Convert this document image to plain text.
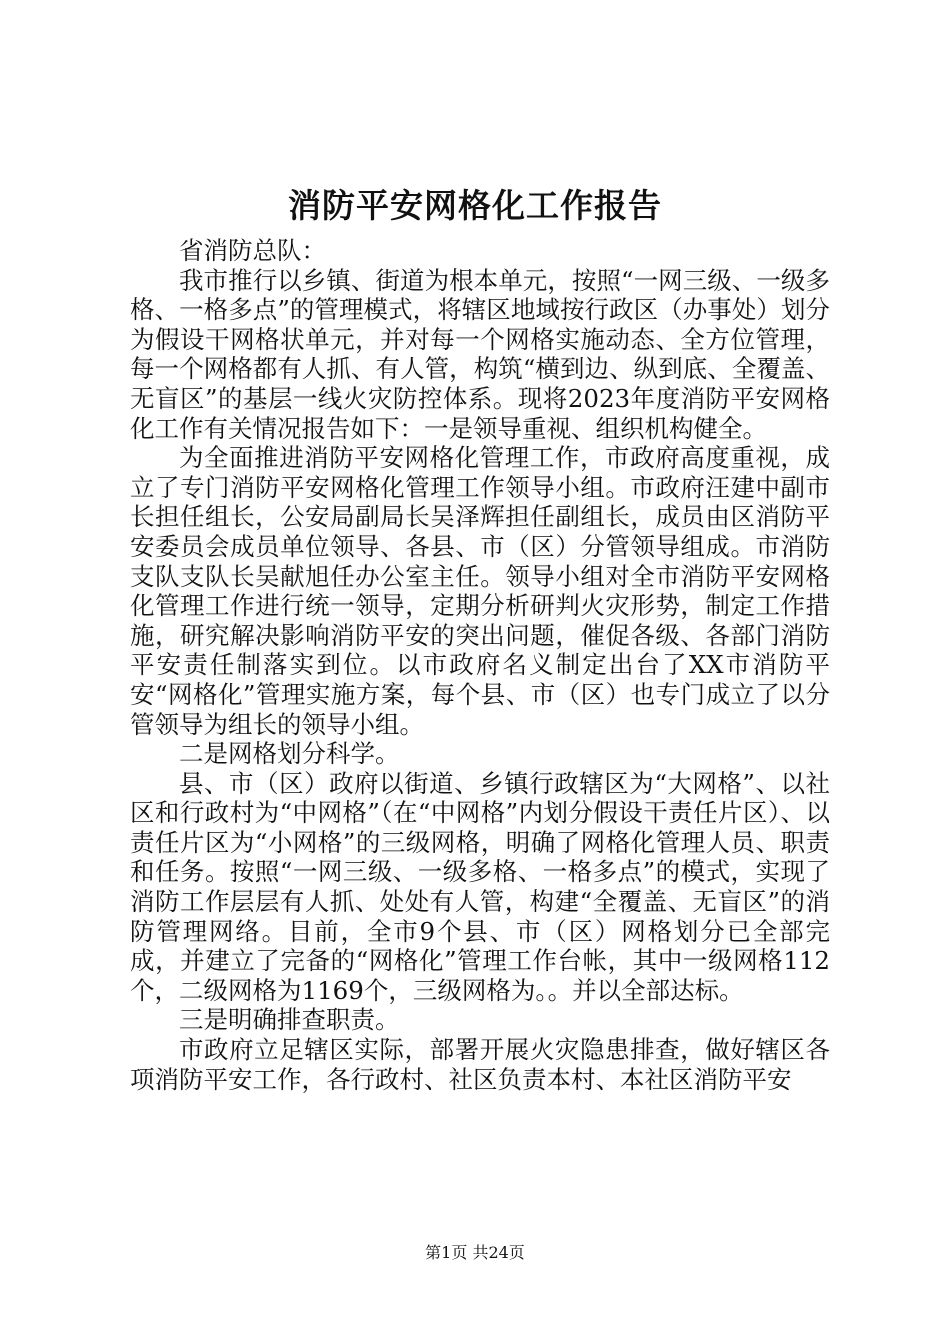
消防平安网格化工作报告

省消防总队：

我市推行以乡镇、街道为根本单元，按照“一网三级、一级多格、一格多点”的管理模式，将辖区地域按行政区（办事处）划分为假设干网格状单元，并对每一个网格实施动态、全方位管理，每一个网格都有人抓、有人管，构筑“横到边、纵到底、全覆盖、无盲区”的基层一线火灾防控体系。现将2023年度消防平安网格化工作有关情况报告如下：一是领导重视、组织机构健全。

为全面推进消防平安网格化管理工作，市政府高度重视，成立了专门消防平安网格化管理工作领导小组。市政府汪建中副市长担任组长，公安局副局长吴泽辉担任副组长，成员由区消防平安委员会成员单位领导、各县、市（区）分管领导组成。市消防支队支队长吴献旭任办公室主任。领导小组对全市消防平安网格化管理工作进行统一领导，定期分析研判火灾形势，制定工作措施，研究解决影响消防平安的突出问题，催促各级、各部门消防平安责任制落实到位。以市政府名义制定出台了XX市消防平安“网格化”管理实施方案，每个县、市（区）也专门成立了以分管领导为组长的领导小组。

二是网格划分科学。

县、市（区）政府以街道、乡镇行政辖区为“大网格”、以社区和行政村为“中网格”（在“中网格”内划分假设干责任片区）、以责任片区为“小网格”的三级网格，明确了网格化管理人员、职责和任务。按照“一网三级、一级多格、一格多点”的模式，实现了消防工作层层有人抓、处处有人管，构建“全覆盖、无盲区”的消防管理网络。目前，全市9个县、市（区）网格划分已全部完成，并建立了完备的“网格化”管理工作台帐，其中一级网格112个，二级网格为1169个，三级网格为。。并以全部达标。

三是明确排查职责。

市政府立足辖区实际，部署开展火灾隐患排查，做好辖区各项消防平安工作，各行政村、社区负责本村、本社区消防平安

第1页 共24页
